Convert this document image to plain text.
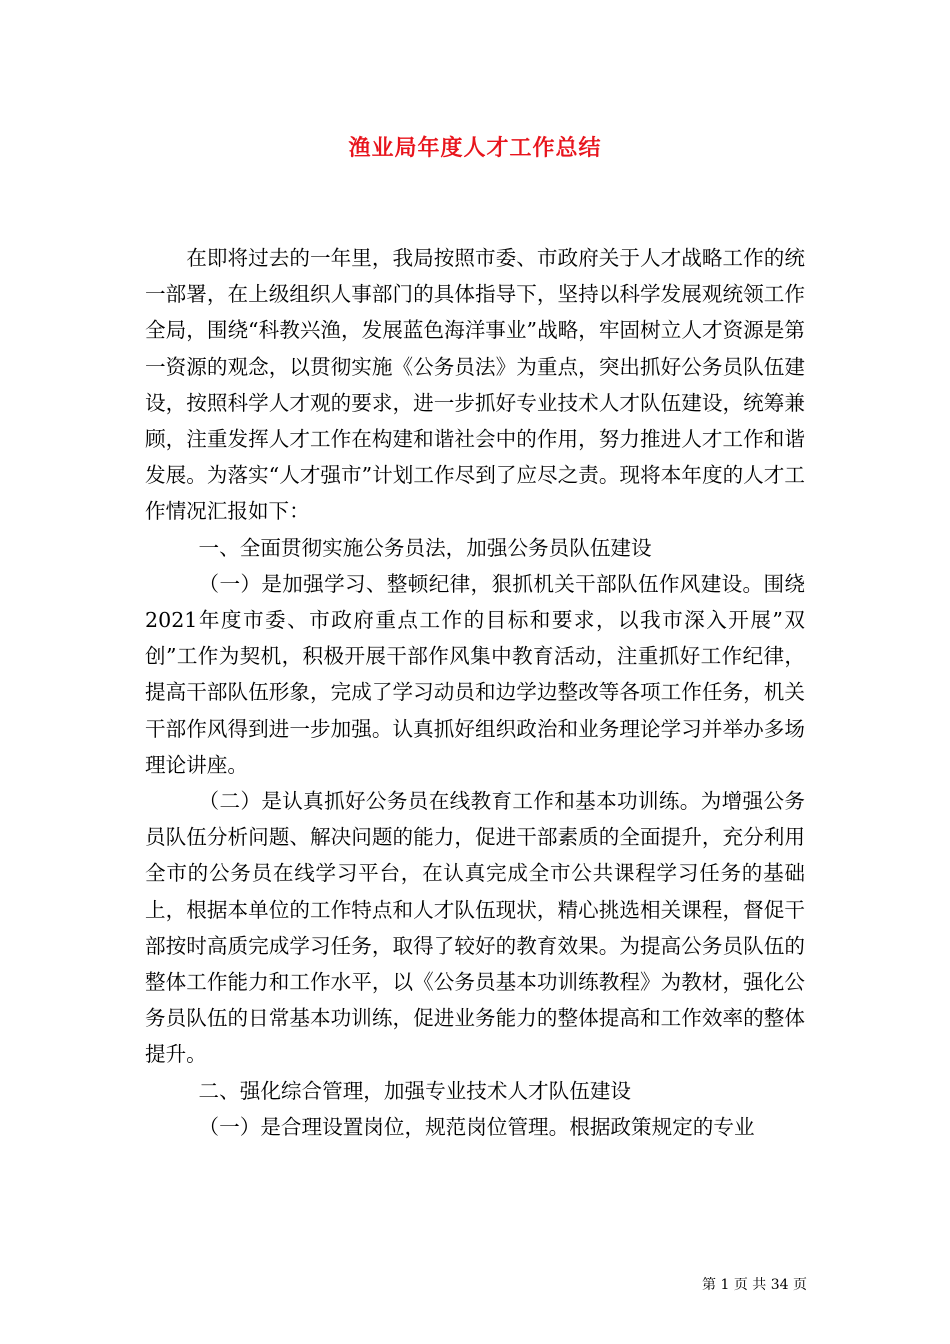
渔业局年度人才工作总结

在即将过去的一年里，我局按照市委、市政府关于人才战略工作的统一部署，在上级组织人事部门的具体指导下，坚持以科学发展观统领工作全局，围绕“科教兴渔，发展蓝色海洋事业”战略，牢固树立人才资源是第一资源的观念，以贯彻实施《公务员法》为重点，突出抓好公务员队伍建设，按照科学人才观的要求，进一步抓好专业技术人才队伍建设，统筹兼顾，注重发挥人才工作在构建和谐社会中的作用，努力推进人才工作和谐发展。为落实“人才强市”计划工作尽到了应尽之责。现将本年度的人才工作情况汇报如下：

一、全面贯彻实施公务员法，加强公务员队伍建设

（一）是加强学习、整顿纪律，狠抓机关干部队伍作风建设。围绕2021年度市委、市政府重点工作的目标和要求，以我市深入开展”双创”工作为契机，积极开展干部作风集中教育活动，注重抓好工作纪律，提高干部队伍形象，完成了学习动员和边学边整改等各项工作任务，机关干部作风得到进一步加强。认真抓好组织政治和业务理论学习并举办多场理论讲座。

（二）是认真抓好公务员在线教育工作和基本功训练。为增强公务员队伍分析问题、解决问题的能力，促进干部素质的全面提升，充分利用全市的公务员在线学习平台，在认真完成全市公共课程学习任务的基础上，根据本单位的工作特点和人才队伍现状，精心挑选相关课程，督促干部按时高质完成学习任务，取得了较好的教育效果。为提高公务员队伍的整体工作能力和工作水平，以《公务员基本功训练教程》为教材，强化公务员队伍的日常基本功训练，促进业务能力的整体提高和工作效率的整体提升。

二、强化综合管理，加强专业技术人才队伍建设

（一）是合理设置岗位，规范岗位管理。根据政策规定的专业

第 1 页 共 34 页
